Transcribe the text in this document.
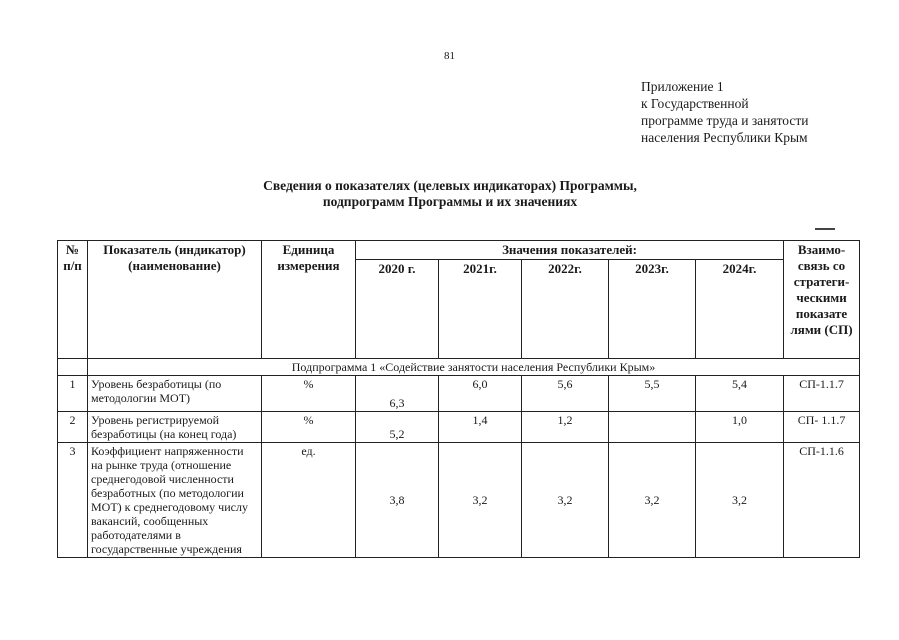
81
Приложение 1
к Государственной
программе труда и занятости
населения Республики Крым
Сведения о показателях (целевых индикаторах) Программы,
подпрограмм Программы и их значениях
№ п/п	Показатель (индикатор) (наименование)	Единица измерения	Значения показателей:					Взаимо-связь со стратеги-ческими показате лями (СП)
			2020 г.	2021г.	2022г.	2023г.	2024г.	
	Подпрограмма 1 «Содействие занятости населения Республики Крым»							
1	Уровень безработицы (по методологии МОТ)	%	6,3	6,0	5,6	5,5	5,4	СП-1.1.7
2	Уровень регистрируемой безработицы (на конец года)	%	5,2	1,4	1,2		1,0	СП- 1.1.7
3	Коэффициент напряженности на рынке труда (отношение среднегодовой численности безработных (по методологии МОТ) к среднегодовому числу вакансий, сообщенных работодателями в государственные учреждения	ед.	3,8	3,2	3,2	3,2	3,2	СП-1.1.6
